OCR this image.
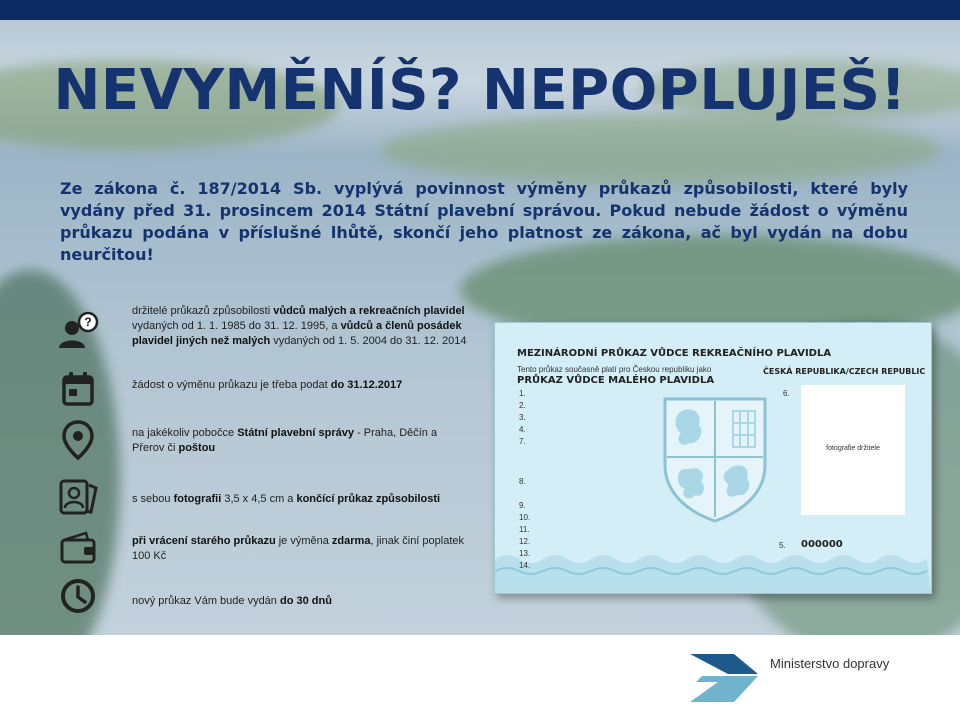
NEVYMĚNÍŠ? NEPOPLUJEŠ!
Ze zákona č. 187/2014 Sb. vyplývá povinnost výměny průkazů způsobilosti, které byly vydány před 31. prosincem 2014 Státní plavební správou. Pokud nebude žádost o výměnu průkazu podána v příslušné lhůtě, skončí jeho platnost ze zákona, ač byl vydán na dobu neurčitou!
?
držitelé průkazů způsobilosti vůdců malých a rekreačních plavidel vydaných od 1. 1. 1985 do 31. 12. 1995, a vůdců a členů posádek plavidel jiných než malých vydaných od 1. 5. 2004 do 31. 12. 2014
žádost o výměnu průkazu je třeba podat do 31.12.2017
na jakékoliv pobočce Státní plavební správy - Praha, Děčín a Přerov či poštou
s sebou fotografii 3,5 x 4,5 cm a končící průkaz způsobilosti
při vrácení starého průkazu je výměna zdarma, jinak činí poplatek 100 Kč
nový průkaz Vám bude vydán do 30 dnů
MEZINÁRODNÍ PRŮKAZ VŮDCE REKREAČNÍHO PLAVIDLA
Tento průkaz současně platí pro Českou republiku jako
PRŮKAZ VŮDCE MALÉHO PLAVIDLA
ČESKÁ REPUBLIKA/CZECH REPUBLIC
1.
2.
3.
4.
7.
8.
9.
10.
11.
12.
13.
14.
6.
fotografie držitele
5. 000000
Ministerstvo dopravy
